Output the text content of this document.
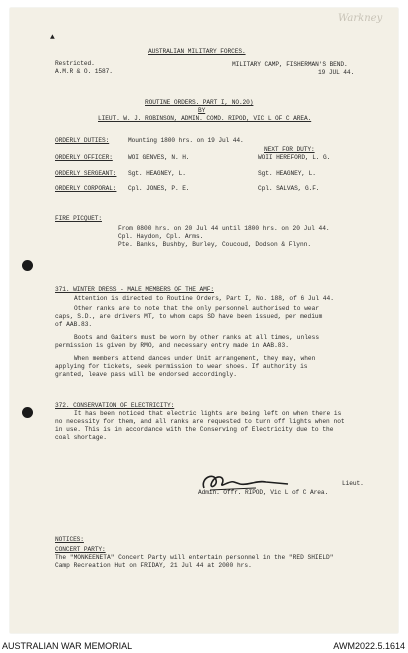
▲
Warkney
Restricted.
A.M.R & O. 1587.
AUSTRALIAN MILITARY FORCES.
MILITARY CAMP, FISHERMAN'S BEND.
19 JUL 44.
ROUTINE ORDERS. PART I, NO.20)
BY
LIEUT. W. J. ROBINSON, ADMIN. COMD. RIPOD, VIC L OF C AREA.
ORDERLY DUTIES:	Mounting 1800 hrs. on 19 Jul 44.
NEXT FOR DUTY:
ORDERLY OFFICER: WOI GENVES, N. H.	WOII HEREFORD, L. G.
ORDERLY SERGEANT: Sgt. HEAGNEY, L.	Sgt. HEAGNEY, L.
ORDERLY CORPORAL: Cpl. JONES, P. E.	Cpl. SALVAS, G.F.
FIRE PICQUET:
From 0800 hrs. on 20 Jul 44 until 1800 hrs. on 20 Jul 44.
Cpl. Haydon, Cpl. Arms.
Pte. Banks, Bushby, Burley, Coucoud, Dodson & Flynn.
371. WINTER DRESS - MALE MEMBERS OF THE AMF:
Attention is directed to Routine Orders, Part I, No. 188, of 6 Jul 44.
Other ranks are to note that the only personnel authorised to wear
caps, S.D., are drivers MT, to whom caps SD have been issued, per medium
of AAB.83.
Boots and Gaiters must be worn by other ranks at all times, unless
permission is given by RMO, and necessary entry made in AAB.83.
When members attend dances under Unit arrangement, they may, when
applying for tickets, seek permission to wear shoes. If authority is
granted, leave pass will be endorsed accordingly.
372. CONSERVATION OF ELECTRICITY:
It has been noticed that electric lights are being left on when there is
no necessity for them, and all ranks are requested to turn off lights when not
in use. This is in accordance with the Conserving of Electricity due to the
coal shortage.
Lieut.
Admin. Offr. RIPOD, Vic L of C Area.
NOTICES:
CONCERT PARTY:
The "MONKEENETA" Concert Party will entertain personnel in the "RED SHIELD"
Camp Recreation Hut on FRIDAY, 21 Jul 44 at 2000 hrs.
AUSTRALIAN WAR MEMORIAL	AWM2022.5.1614
